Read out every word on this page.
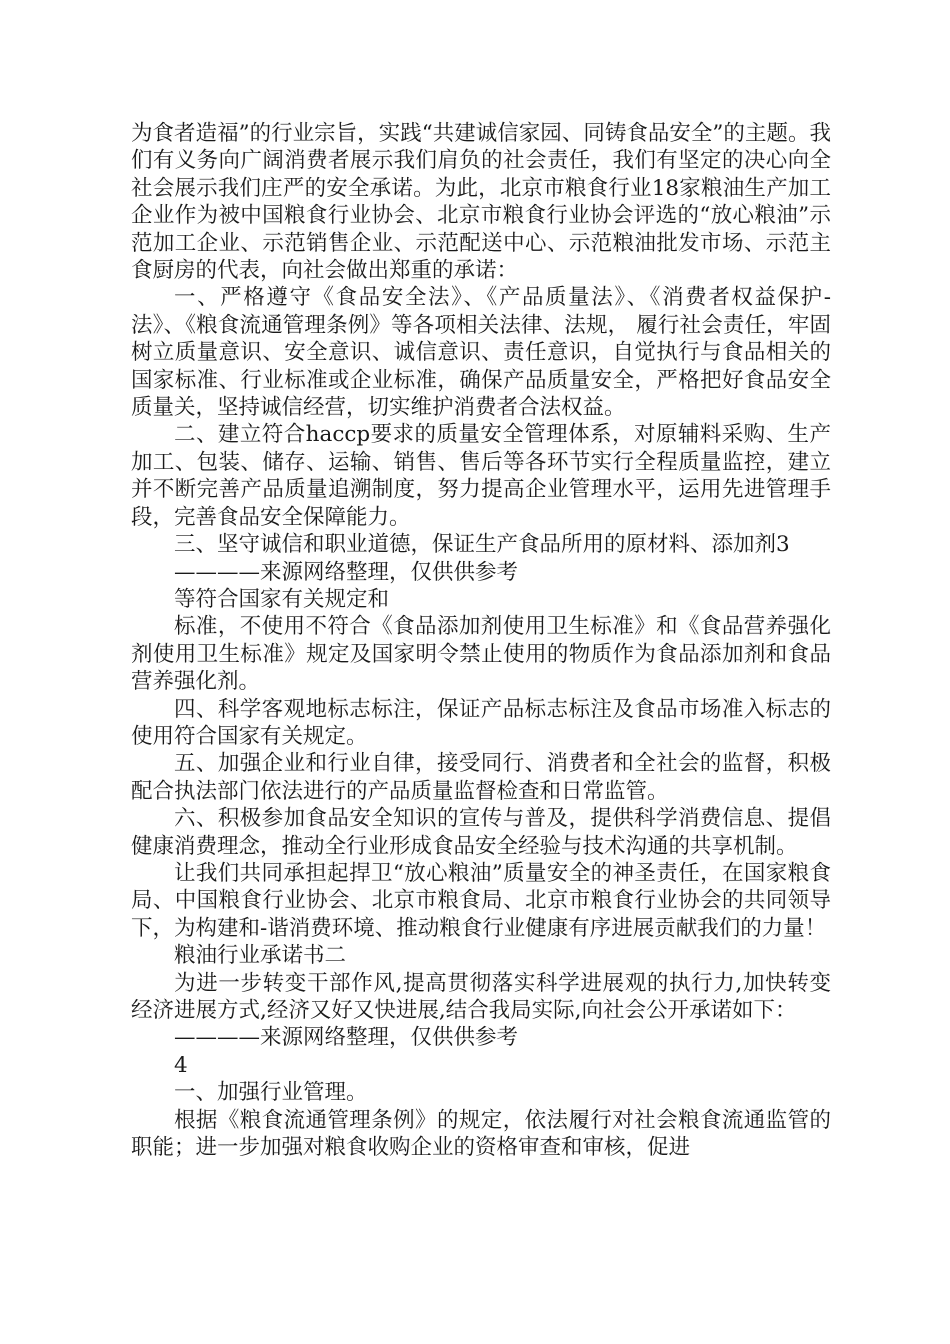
为食者造福”的行业宗旨，实践“共建诚信家园、同铸食品安全”的主题。我们有义务向广阔消费者展示我们肩负的社会责任，我们有坚定的决心向全社会展示我们庄严的安全承诺。为此，北京市粮食行业18家粮油生产加工企业作为被中国粮食行业协会、北京市粮食行业协会评选的“放心粮油”示范加工企业、示范销售企业、示范配送中心、示范粮油批发市场、示范主食厨房的代表，向社会做出郑重的承诺：

一、严格遵守《食品安全法》、《产品质量法》、《消费者权益保护-法》、《粮食流通管理条例》等各项相关法律、法规， 履行社会责任，牢固树立质量意识、安全意识、诚信意识、责任意识，自觉执行与食品相关的国家标准、行业标准或企业标准，确保产品质量安全，严格把好食品安全质量关，坚持诚信经营，切实维护消费者合法权益。

二、建立符合haccp要求的质量安全管理体系，对原辅料采购、生产加工、包装、储存、运输、销售、售后等各环节实行全程质量监控，建立并不断完善产品质量追溯制度，努力提高企业管理水平，运用先进管理手段，完善食品安全保障能力。

三、坚守诚信和职业道德，保证生产食品所用的原材料、添加剂3

————来源网络整理，仅供供参考

等符合国家有关规定和

标准，不使用不符合《食品添加剂使用卫生标准》和《食品营养强化剂使用卫生标准》规定及国家明令禁止使用的物质作为食品添加剂和食品营养强化剂。

四、科学客观地标志标注，保证产品标志标注及食品市场准入标志的使用符合国家有关规定。

五、加强企业和行业自律，接受同行、消费者和全社会的监督，积极配合执法部门依法进行的产品质量监督检查和日常监管。

六、积极参加食品安全知识的宣传与普及，提供科学消费信息、提倡健康消费理念，推动全行业形成食品安全经验与技术沟通的共享机制。

让我们共同承担起捍卫“放心粮油”质量安全的神圣责任，在国家粮食局、中国粮食行业协会、北京市粮食局、北京市粮食行业协会的共同领导下，为构建和-谐消费环境、推动粮食行业健康有序进展贡献我们的力量！

粮油行业承诺书二

为进一步转变干部作风,提高贯彻落实科学进展观的执行力,加快转变经济进展方式,经济又好又快进展,结合我局实际,向社会公开承诺如下：

————来源网络整理，仅供供参考

4

一、加强行业管理。

根据《粮食流通管理条例》的规定，依法履行对社会粮食流通监管的职能；进一步加强对粮食收购企业的资格审查和审核，促进
